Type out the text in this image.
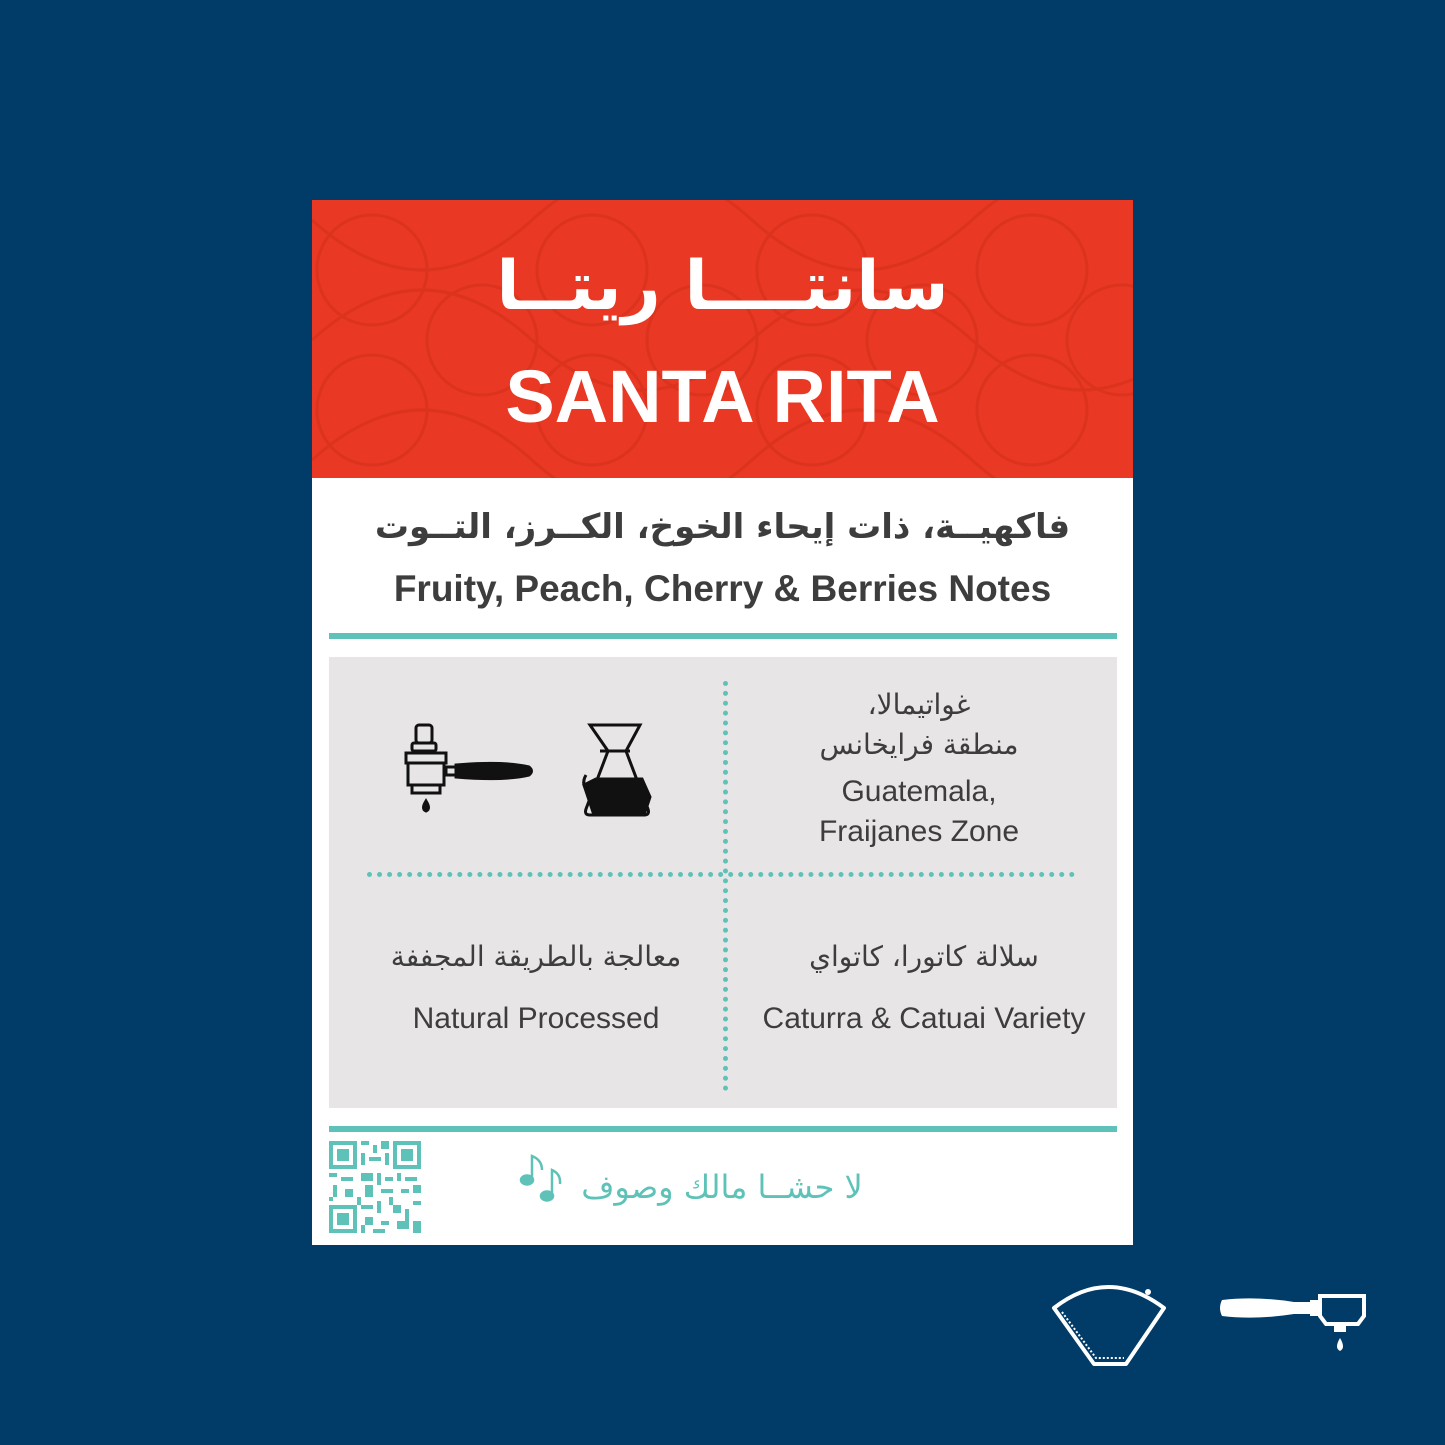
سانتــــا ريتــا
SANTA RITA
فاكهيــة، ذات إيحاء الخوخ، الكــرز، التــوت
Fruity, Peach, Cherry & Berries Notes
غواتيمالا،
منطقة فرايخانس
Guatemala,
Fraijanes Zone
معالجة بالطريقة المجففة
Natural Processed
سلالة كاتورا، كاتواي
Caturra & Catuai Variety
لا حشــا مالك وصوف
